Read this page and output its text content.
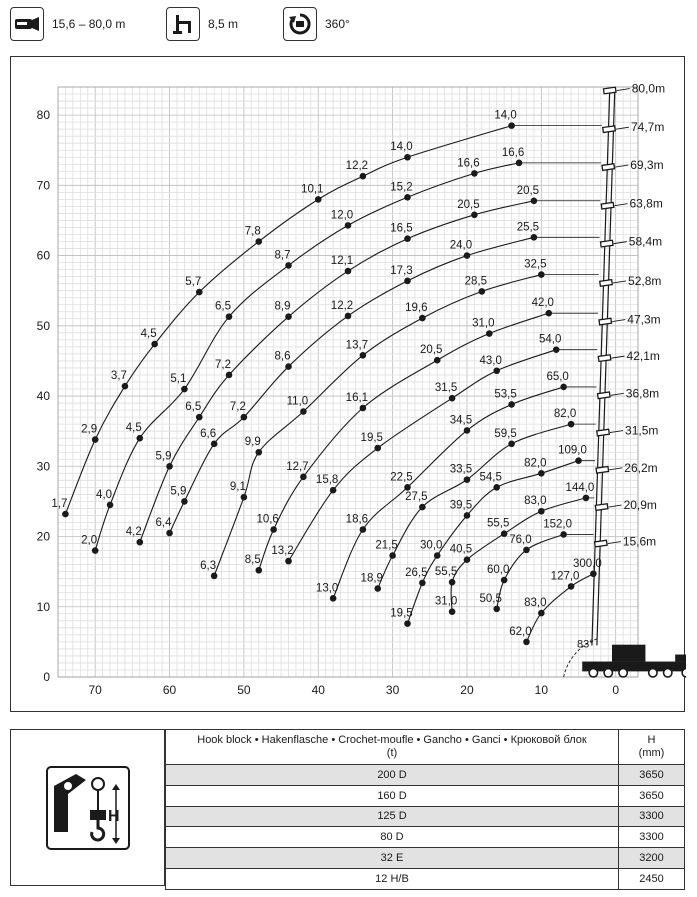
15,6 – 80,0 m	8,5 m	360°
70	60	50	40	30	20	10	0
0
10
20
30
40
50
60
70
80
80,0m
74,7m
69,3m
63,8m
58,4m
52,8m
47,3m
42,1m
36,8m
31,5m
26,2m
20,9m
15,6m
14,0
14,0
12,2
10,1
7,8
5,7
4,5
3,7
2,9
1,7
16,6
16,6
15,2
12,0
8,7
6,5
5,1
4,5
4,0
2,0
20,5
20,5
16,5
12,1
8,9
7,2
6,5
5,9
4,2
25,5
24,0
17,3
12,2
8,6
7,2
6,6
5,9
6,4
32,5
28,5
19,6
13,7
11,0
9,9
9,1
6,3
42,0
31,0
20,5
16,1
12,7
10,6
8,5
54,0
43,0
31,5
19,5
15,8
13,2
65,0
53,5
34,5
22,5
18,6
13,0
82,0
59,5
33,5
27,5
21,5
18,9
109,0
82,0
54,5
39,5
30,0
26,5
19,5
144,0
83,0
55,5
40,5
55,5
31,0
152,0
76,0
60,0
50,5
300,0
127,0
83,0
62,0
83°
H
Hook block • Hakenflasche • Crochet-moufle • Gancho • Ganci • Крюковой блок
(t)	H
(mm)
200 D	3650
160 D	3650
125 D	3300
80 D	3300
32 E	3200
12 H/B	2450
